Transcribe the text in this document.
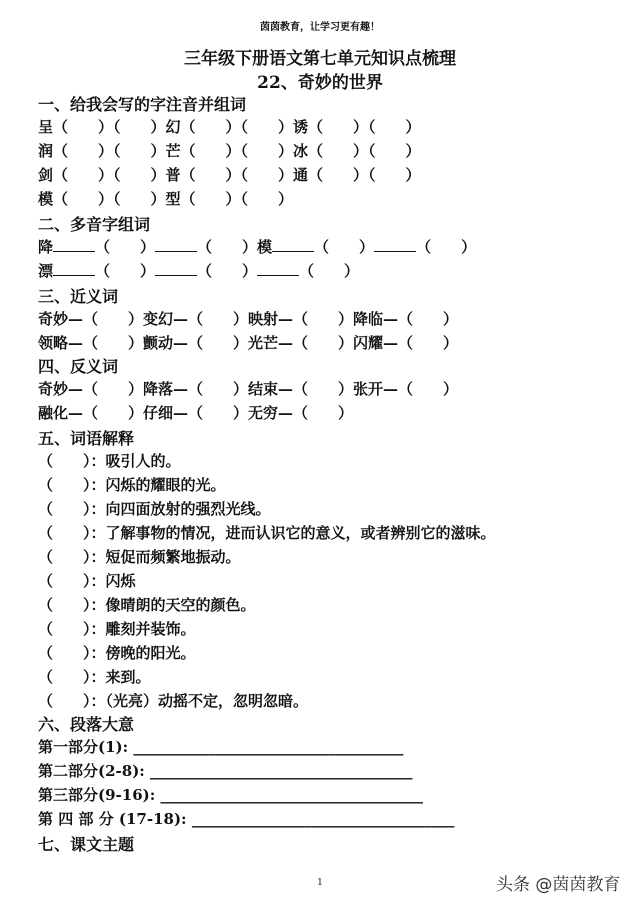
茵茵教育，让学习更有趣！
三年级下册语文第七单元知识点梳理
22、奇妙的世界
一、给我会写的字注音并组词
呈（　　）（　　）幻（　　）（　　）诱（　　）（　　）
润（　　）（　　）芒（　　）（　　）冰（　　）（　　）
剑（　　）（　　）普（　　）（　　）通（　　）（　　）
模（　　）（　　）型（　　）（　　）
二、多音字组词
降	（　　）	（　　）模	（　　）	（　　）
漂	（　　）	（　　）	（　　）
三、近义词
奇妙—（　　）变幻—（　　）映射—（　　）降临—（　　）
领略—（　　）颤动—（　　）光芒—（　　）闪耀—（　　）
四、反义词
奇妙—（　　）降落—（　　）结束—（　　）张开—（　　）
融化—（　　）仔细—（　　）无穷—（　　）
五、词语解释
（　　）：吸引人的。
（　　）：闪烁的耀眼的光。
（　　）：向四面放射的强烈光线。
（　　）：了解事物的情况，进而认识它的意义，或者辨别它的滋味。
（　　）：短促而频繁地振动。
（　　）：闪烁
（　　）：像晴朗的天空的颜色。
（　　）：雕刻并装饰。
（　　）：傍晚的阳光。
（　　）：来到。
（　　）：（光亮）动摇不定，忽明忽暗。
六、段落大意
第一部分(1): ____________________________________
第二部分(2-8): ___________________________________
第三部分(9-16): ___________________________________
第 四 部 分 (17-18): ___________________________________
七、课文主题
1	头条 @茵茵教育
